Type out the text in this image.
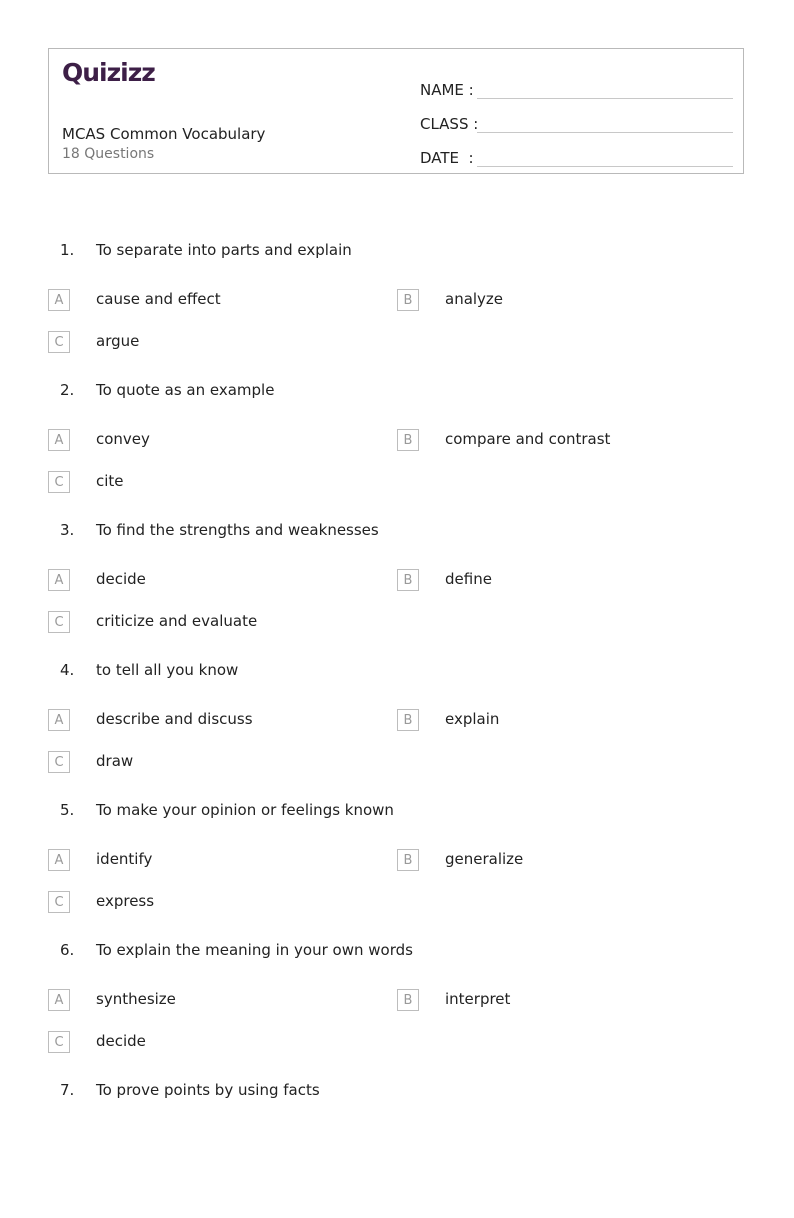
Quizizz
MCAS Common Vocabulary
18 Questions
NAME :
CLASS :
DATE  :
1. To separate into parts and explain
A	cause and effect	B	analyze
C	argue
2. To quote as an example
A	convey	B	compare and contrast
C	cite
3. To find the strengths and weaknesses
A	decide	B	define
C	criticize and evaluate
4. to tell all you know
A	describe and discuss	B	explain
C	draw
5. To make your opinion or feelings known
A	identify	B	generalize
C	express
6. To explain the meaning in your own words
A	synthesize	B	interpret
C	decide
7. To prove points by using facts
